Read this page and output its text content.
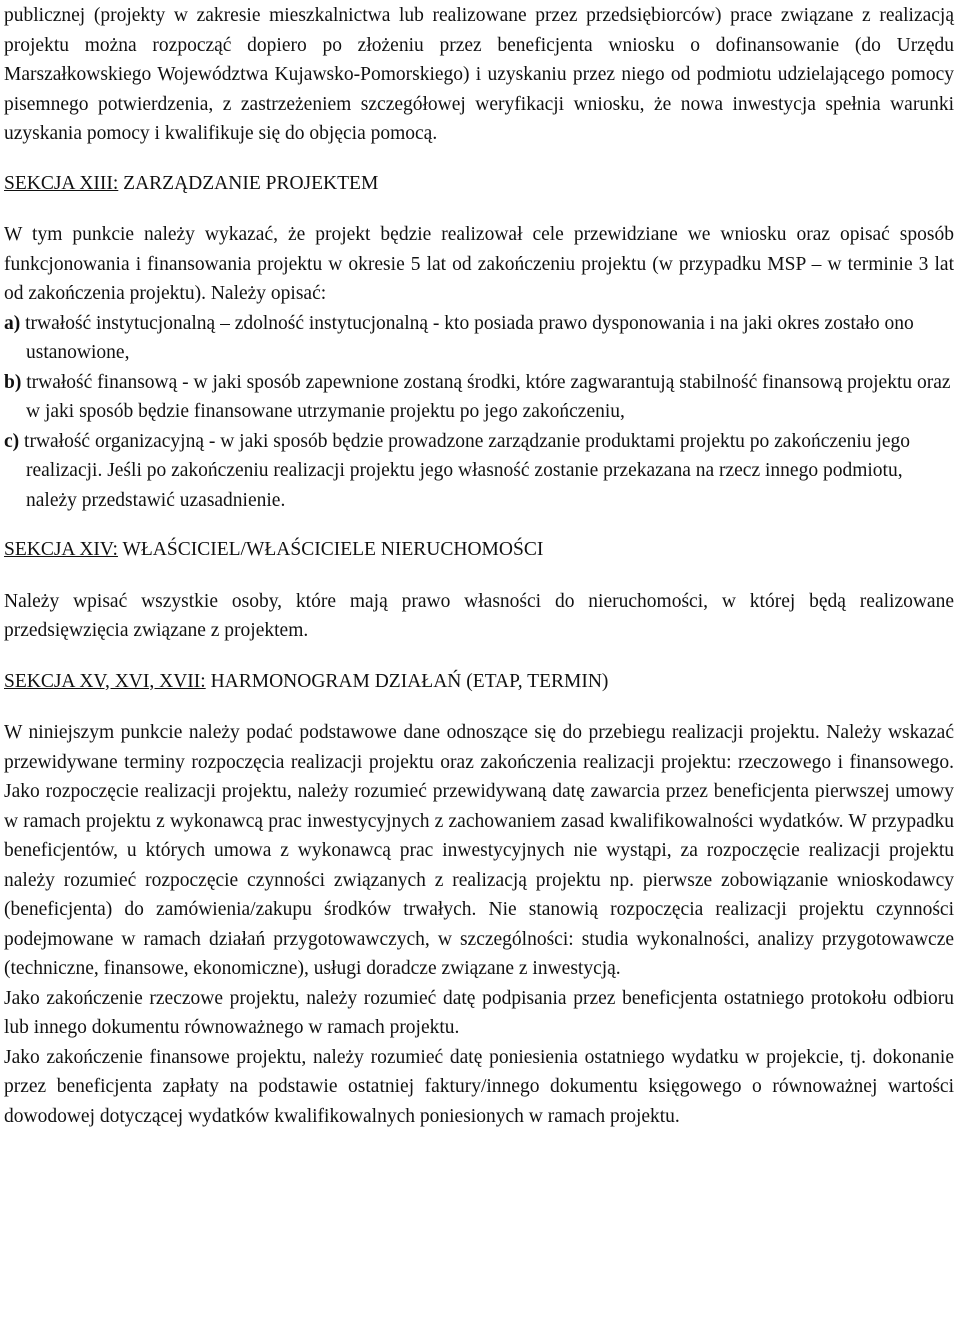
publicznej (projekty w zakresie mieszkalnictwa lub realizowane przez przedsiębiorców) prace związane z realizacją projektu można rozpocząć dopiero po złożeniu przez beneficjenta wniosku o dofinansowanie (do Urzędu Marszałkowskiego Województwa Kujawsko-Pomorskiego) i uzyskaniu przez niego od podmiotu udzielającego pomocy pisemnego potwierdzenia, z zastrzeżeniem szczegółowej weryfikacji wniosku, że nowa inwestycja spełnia warunki uzyskania pomocy i kwalifikuje się do objęcia pomocą.

SEKCJA XIII: ZARZĄDZANIE PROJEKTEM

W tym punkcie należy wykazać, że projekt będzie realizował cele przewidziane we wniosku oraz opisać sposób funkcjonowania i finansowania projektu w okresie 5 lat od zakończeniu projektu (w przypadku MSP – w terminie 3 lat od zakończenia projektu). Należy opisać:

a) trwałość instytucjonalną – zdolność instytucjonalną - kto posiada prawo dysponowania i na jaki okres zostało ono ustanowione,
b) trwałość finansową - w jaki sposób zapewnione zostaną środki, które zagwarantują stabilność finansową projektu oraz w jaki sposób będzie finansowane utrzymanie projektu po jego zakończeniu,
c) trwałość organizacyjną - w jaki sposób będzie prowadzone zarządzanie produktami projektu po zakończeniu jego realizacji. Jeśli po zakończeniu realizacji projektu jego własność zostanie przekazana na rzecz innego podmiotu, należy przedstawić uzasadnienie.
SEKCJA XIV: WŁAŚCICIEL/WŁAŚCICIELE NIERUCHOMOŚCI

Należy wpisać wszystkie osoby, które mają prawo własności do nieruchomości, w której będą realizowane przedsięwzięcia związane z projektem.

SEKCJA XV, XVI, XVII: HARMONOGRAM DZIAŁAŃ (ETAP, TERMIN)

W niniejszym punkcie należy podać podstawowe dane odnoszące się do przebiegu realizacji projektu. Należy wskazać przewidywane terminy rozpoczęcia realizacji projektu oraz zakończenia realizacji projektu: rzeczowego i finansowego. Jako rozpoczęcie realizacji projektu, należy rozumieć przewidywaną datę zawarcia przez beneficjenta pierwszej umowy w ramach projektu z wykonawcą prac inwestycyjnych z zachowaniem zasad kwalifikowalności wydatków. W przypadku beneficjentów, u których umowa z wykonawcą prac inwestycyjnych nie wystąpi, za rozpoczęcie realizacji projektu należy rozumieć rozpoczęcie czynności związanych z realizacją projektu np. pierwsze zobowiązanie wnioskodawcy (beneficjenta) do zamówienia/zakupu środków trwałych. Nie stanowią rozpoczęcia realizacji projektu czynności podejmowane w ramach działań przygotowawczych, w szczególności: studia wykonalności, analizy przygotowawcze (techniczne, finansowe, ekonomiczne), usługi doradcze związane z inwestycją.

Jako zakończenie rzeczowe projektu, należy rozumieć datę podpisania przez beneficjenta ostatniego protokołu odbioru lub innego dokumentu równoważnego w ramach projektu.

Jako zakończenie finansowe projektu, należy rozumieć datę poniesienia ostatniego wydatku w projekcie, tj. dokonanie przez beneficjenta zapłaty na podstawie ostatniej faktury/innego dokumentu księgowego o równoważnej wartości dowodowej dotyczącej wydatków kwalifikowalnych poniesionych w ramach projektu.
